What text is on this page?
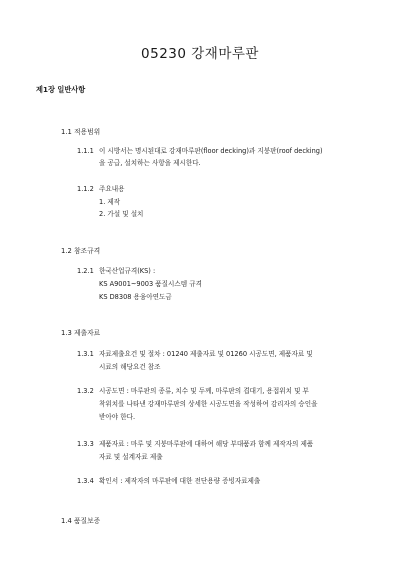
05230 강재마루판
제1장 일반사항
1.1 적용범위
1.1.1 이 시방서는 명시된대로 강재마루판(floor decking)과 지붕판(roof decking)
을 공급, 설치하는 사항을 제시한다.
1.1.2 주요내용
1. 제작
2. 가설 및 설치
1.2 참조규격
1.2.1 한국산업규격(KS) :
KS A9001~9003 품질시스템 규격
KS D8308 용융아연도금
1.3 제출자료
1.3.1 자료제출요건 및 절차 : 01240 제출자료 및 01260 시공도면, 제품자료 및
시료의 해당요건 참조
1.3.2 시공도면 : 마루판의 종류, 치수 및 두께, 마루판의 겹대기, 용접위치 및 부
착위치를 나타낸 강재마루판의 상세한 시공도면을 작성하여 감리자의 승인을
받아야 한다.
1.3.3 제품자료 : 마루 및 지붕마루판에 대하여 해당 부대품과 함께 제작자의 제품
자료 및 설계자료 제출
1.3.4 확인서 : 제작자의 마루판에 대한 전단용량 증빙자료제출
1.4 품질보증
